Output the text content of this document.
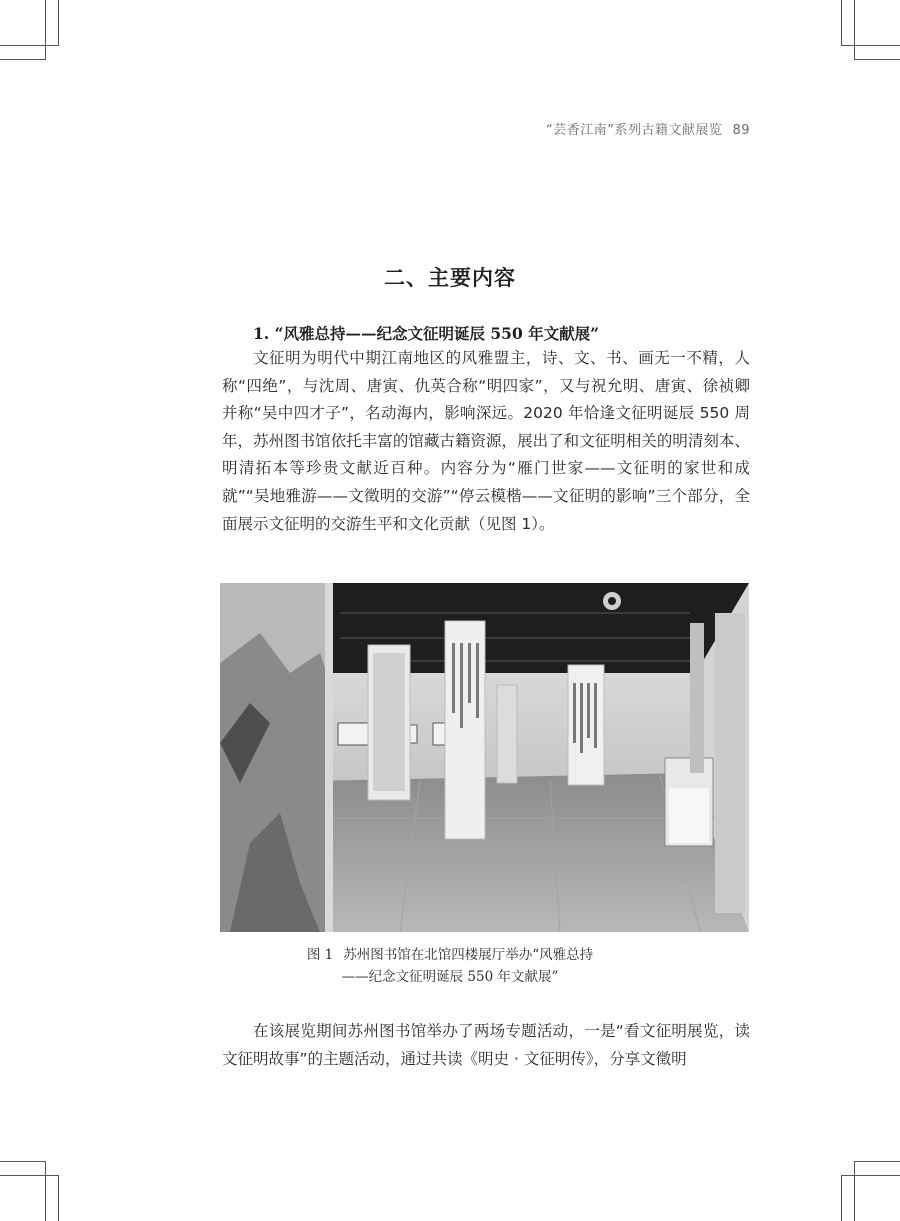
“芸香江南”系列古籍文献展览 89
二、主要内容
1. “风雅总持——纪念文征明诞辰 550 年文献展”

文征明为明代中期江南地区的风雅盟主，诗、文、书、画无一不精，人称“四绝”，与沈周、唐寅、仇英合称“明四家”，又与祝允明、唐寅、徐祯卿并称“吴中四才子”，名动海内，影响深远。2020 年恰逢文征明诞辰 550 周年，苏州图书馆依托丰富的馆藏古籍资源，展出了和文征明相关的明清刻本、明清拓本等珍贵文献近百种。内容分为“雁门世家——文征明的家世和成就”“吴地雅游——文徵明的交游”“停云模楷——文征明的影响”三个部分，全面展示文征明的交游生平和文化贡献（见图 1）。

图 1 苏州图书馆在北馆四楼展厅举办“风雅总持
——纪念文征明诞辰 550 年文献展”

在该展览期间苏州图书馆举办了两场专题活动，一是“看文征明展览，读文征明故事”的主题活动，通过共读《明史 · 文征明传》，分享文徵明
